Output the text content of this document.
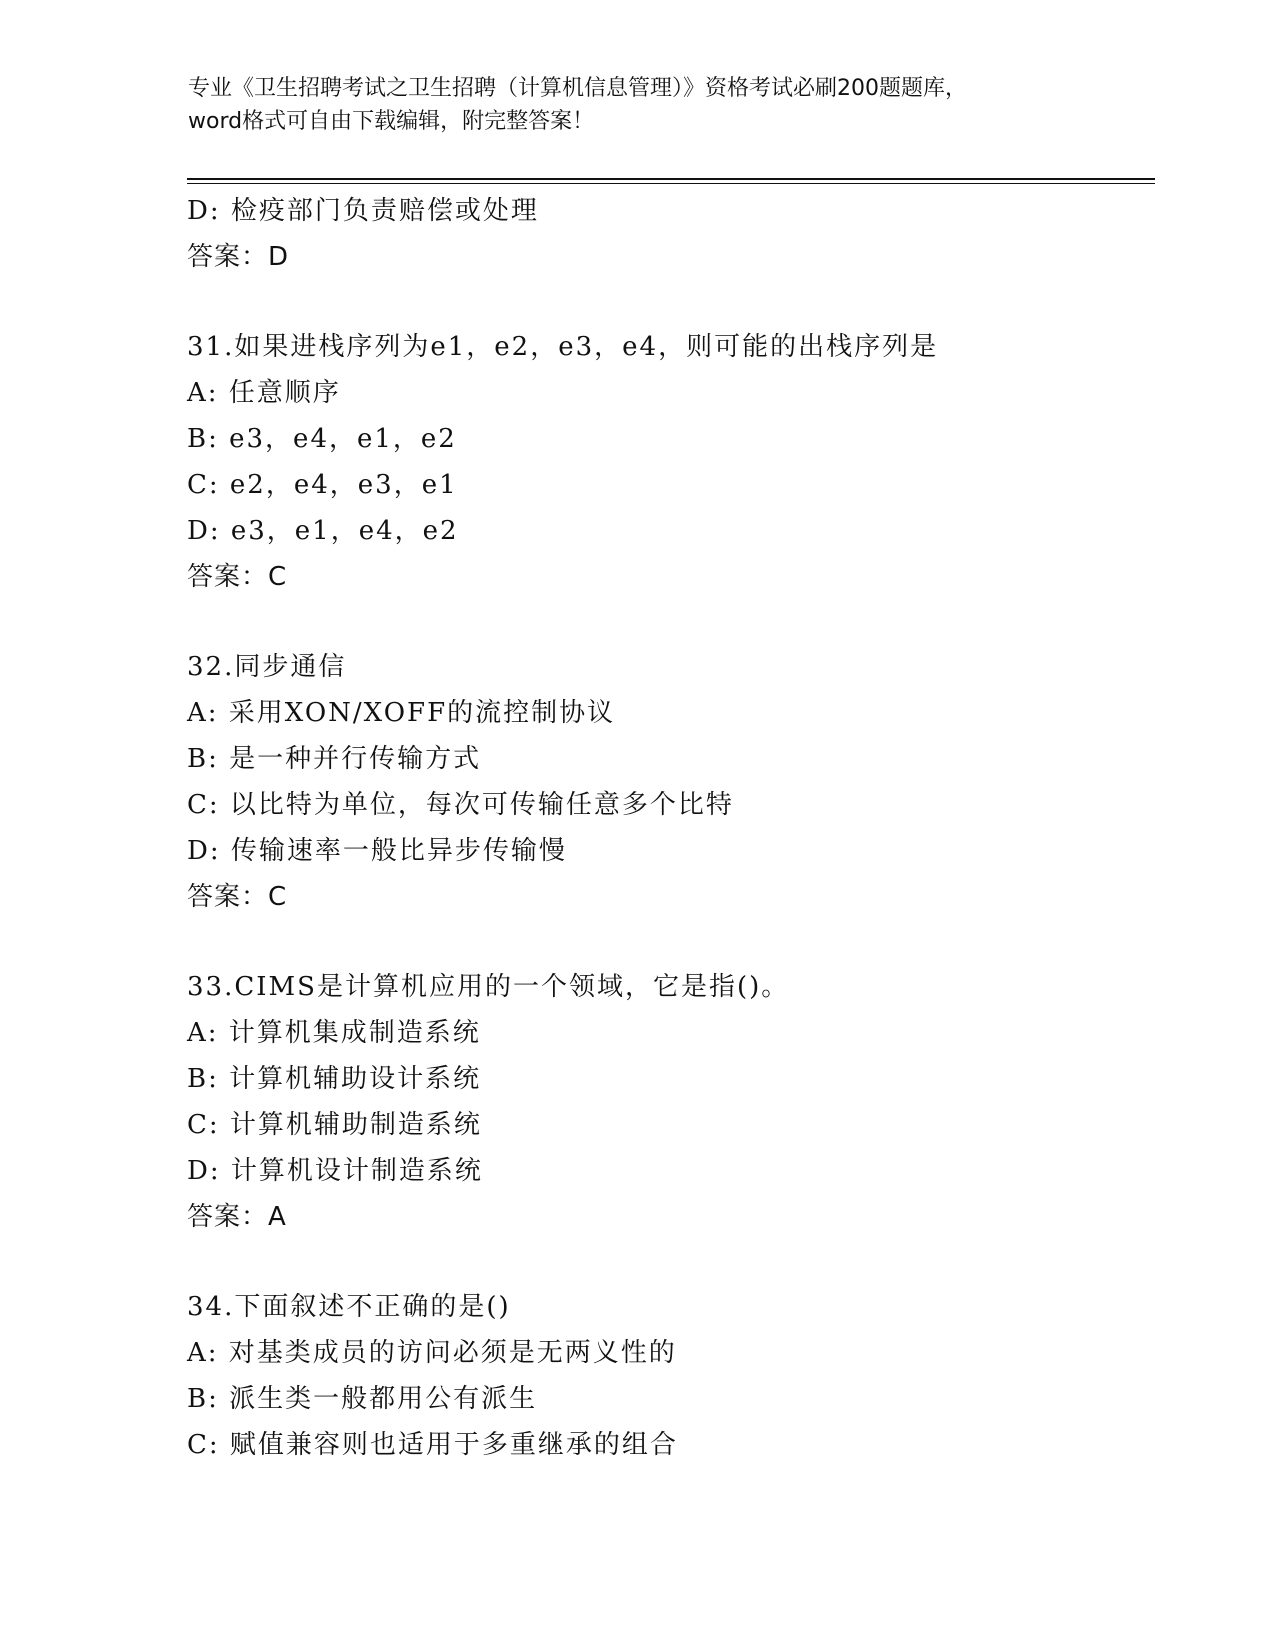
专业《卫生招聘考试之卫生招聘（计算机信息管理）》资格考试必刷200题题库，
word格式可自由下载编辑，附完整答案！
D: 检疫部门负责赔偿或处理
答案：D
31.如果进栈序列为e1，e2，e3，e4，则可能的出栈序列是
A: 任意顺序
B: e3，e4，e1，e2
C: e2，e4，e3，e1
D: e3，e1，e4，e2
答案：C
32.同步通信
A: 采用XON/XOFF的流控制协议
B: 是一种并行传输方式
C: 以比特为单位，每次可传输任意多个比特
D: 传输速率一般比异步传输慢
答案：C
33.CIMS是计算机应用的一个领域，它是指()。
A: 计算机集成制造系统
B: 计算机辅助设计系统
C: 计算机辅助制造系统
D: 计算机设计制造系统
答案：A
34.下面叙述不正确的是()
A: 对基类成员的访问必须是无两义性的
B: 派生类一般都用公有派生
C: 赋值兼容则也适用于多重继承的组合
